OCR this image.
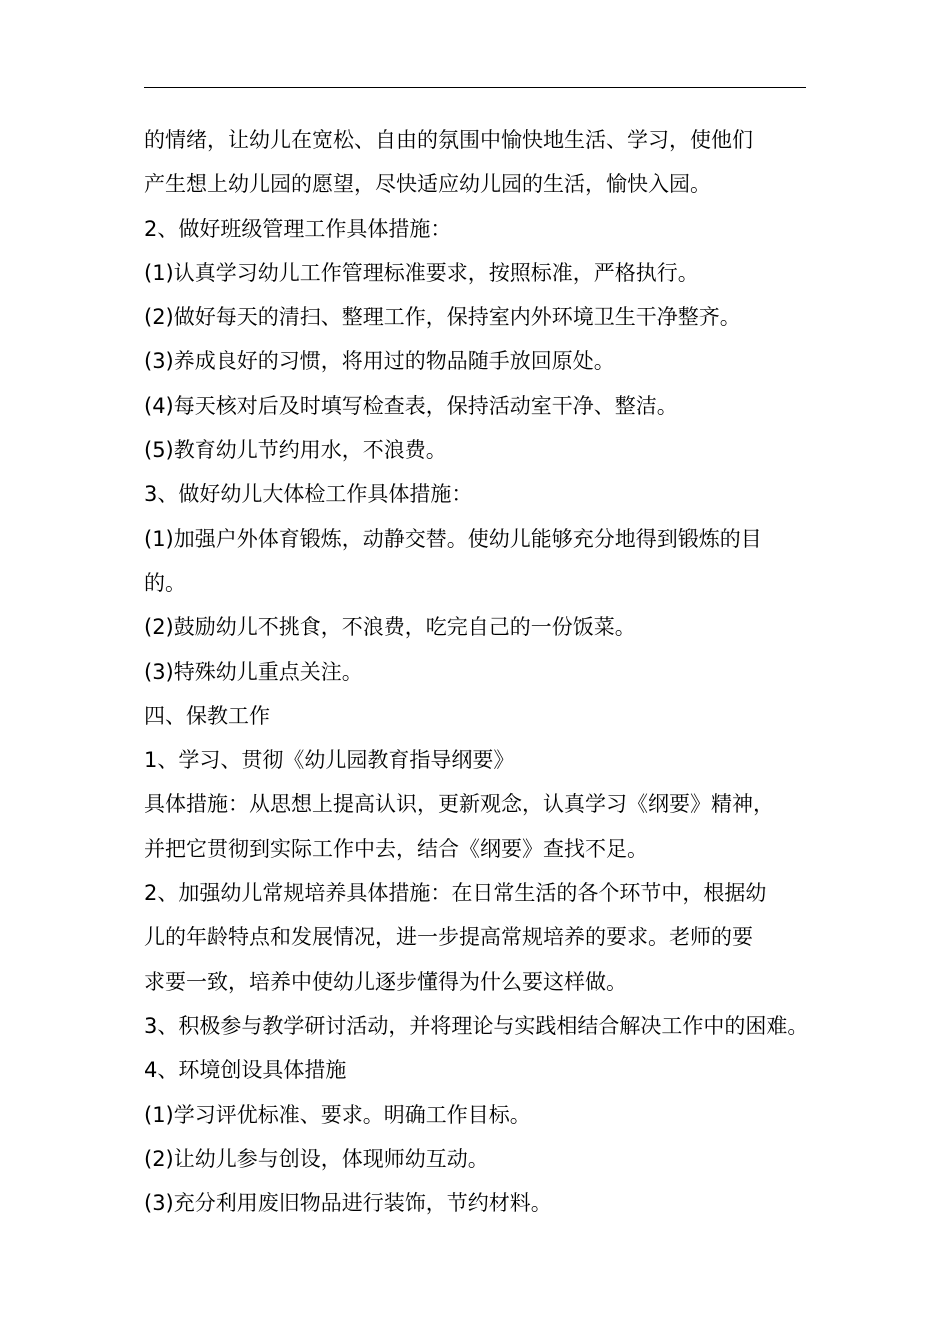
的情绪，让幼儿在宽松、自由的氛围中愉快地生活、学习，使他们
产生想上幼儿园的愿望，尽快适应幼儿园的生活，愉快入园。
2、做好班级管理工作具体措施：
(1)认真学习幼儿工作管理标准要求，按照标准，严格执行。
(2)做好每天的清扫、整理工作，保持室内外环境卫生干净整齐。
(3)养成良好的习惯，将用过的物品随手放回原处。
(4)每天核对后及时填写检查表，保持活动室干净、整洁。
(5)教育幼儿节约用水，不浪费。
3、做好幼儿大体检工作具体措施：
(1)加强户外体育锻炼，动静交替。使幼儿能够充分地得到锻炼的目
的。
(2)鼓励幼儿不挑食，不浪费，吃完自己的一份饭菜。
(3)特殊幼儿重点关注。
四、保教工作
1、学习、贯彻《幼儿园教育指导纲要》
具体措施：从思想上提高认识，更新观念，认真学习《纲要》精神，
并把它贯彻到实际工作中去，结合《纲要》查找不足。
2、加强幼儿常规培养具体措施：在日常生活的各个环节中，根据幼
儿的年龄特点和发展情况，进一步提高常规培养的要求。老师的要
求要一致，培养中使幼儿逐步懂得为什么要这样做。
3、积极参与教学研讨活动，并将理论与实践相结合解决工作中的困难。
4、环境创设具体措施
(1)学习评优标准、要求。明确工作目标。
(2)让幼儿参与创设，体现师幼互动。
(3)充分利用废旧物品进行装饰，节约材料。
